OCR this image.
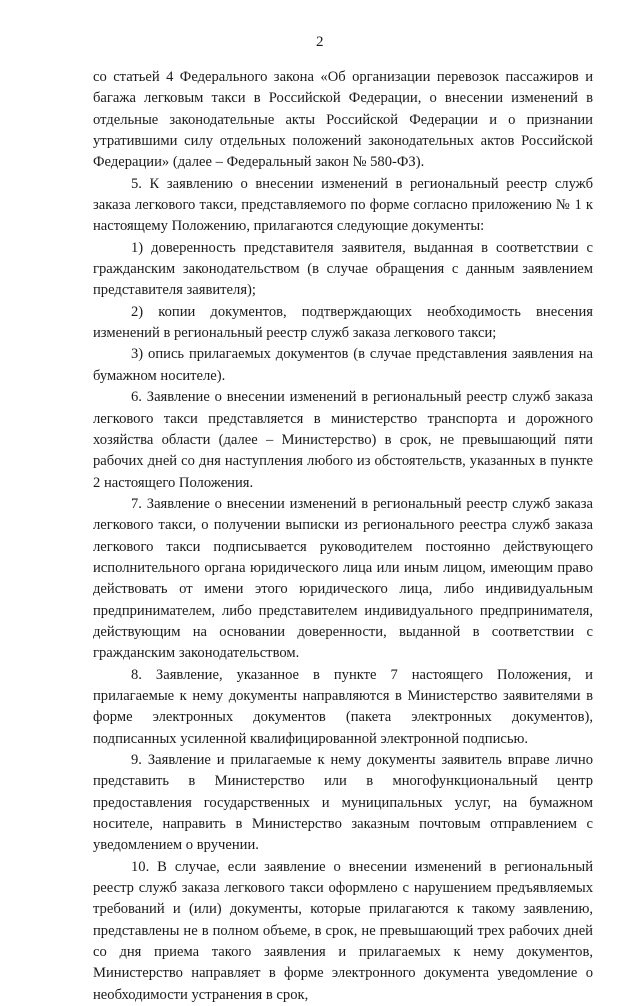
2

со статьей 4 Федерального закона «Об организации перевозок пассажиров и багажа легковым такси в Российской Федерации, о внесении изменений в отдельные законодательные акты Российской Федерации и о признании утратившими силу отдельных положений законодательных актов Российской Федерации» (далее – Федеральный закон № 580-ФЗ).

5. К заявлению о внесении изменений в региональный реестр служб заказа легкового такси, представляемого по форме согласно приложению № 1 к настоящему Положению, прилагаются следующие документы:

1) доверенность представителя заявителя, выданная в соответствии с гражданским законодательством (в случае обращения с данным заявлением представителя заявителя);

2) копии документов, подтверждающих необходимость внесения изменений в региональный реестр служб заказа легкового такси;

3) опись прилагаемых документов (в случае представления заявления на бумажном носителе).

6. Заявление о внесении изменений в региональный реестр служб заказа легкового такси представляется в министерство транспорта и дорожного хозяйства области (далее – Министерство) в срок, не превышающий пяти рабочих дней со дня наступления любого из обстоятельств, указанных в пункте 2 настоящего Положения.

7. Заявление о внесении изменений в региональный реестр служб заказа легкового такси, о получении выписки из регионального реестра служб заказа легкового такси подписывается руководителем постоянно действующего исполнительного органа юридического лица или иным лицом, имеющим право действовать от имени этого юридического лица, либо индивидуальным предпринимателем, либо представителем индивидуального предпринимателя, действующим на основании доверенности, выданной в соответствии с гражданским законодательством.

8. Заявление, указанное в пункте 7 настоящего Положения, и прилагаемые к нему документы направляются в Министерство заявителями в форме электронных документов (пакета электронных документов), подписанных усиленной квалифицированной электронной подписью.

9. Заявление и прилагаемые к нему документы заявитель вправе лично представить в Министерство или в многофункциональный центр предоставления государственных и муниципальных услуг, на бумажном носителе, направить в Министерство заказным почтовым отправлением с уведомлением о вручении.

10. В случае, если заявление о внесении изменений в региональный реестр служб заказа легкового такси оформлено с нарушением предъявляемых требований и (или) документы, которые прилагаются к такому заявлению, представлены не в полном объеме, в срок, не превышающий трех рабочих дней со дня приема такого заявления и прилагаемых к нему документов, Министерство направляет в форме электронного документа уведомление о необходимости устранения в срок,
